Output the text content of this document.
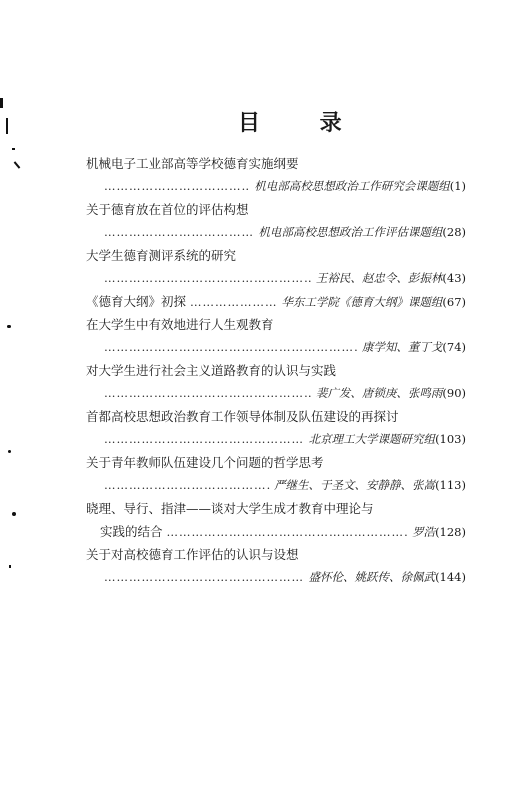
目 录
机械电子工业部高等学校德育实施纲要
…………………………………………………………………………………………
机电部高校思想政治工作研究会课题组 (1)
关于德育放在首位的评估构想
…………………………………………………………………………………………
机电部高校思想政治工作评估课题组 (28)
大学生德育测评系统的研究
…………………………………………………………………………………………
王裕民、赵忠令、彭振林 (43)
《德育大纲》初探 …………………………………………………………………………………………	华东工学院《德育大纲》课题组 (67)
在大学生中有效地进行人生观教育
…………………………………………………………………………………………
康学知、董丁戈 (74)
对大学生进行社会主义道路教育的认识与实践
…………………………………………………………………………………………
裴广发、唐锁庚、张鸣雨 (90)
首都高校思想政治教育工作领导体制及队伍建设的再探讨
…………………………………………………………………………………………
北京理工大学课题研究组 (103)
关于青年教师队伍建设几个问题的哲学思考
…………………………………………………………………………………………
严继生、于圣文、安静静、张嵩 (113)
晓理、导行、指津——谈对大学生成才教育中理论与
实践的结合 …………………………………………………………………………………………	罗浩 (128)
关于对高校德育工作评估的认识与设想
…………………………………………………………………………………………
盛怀伦、姚跃传、徐佩武 (144)
